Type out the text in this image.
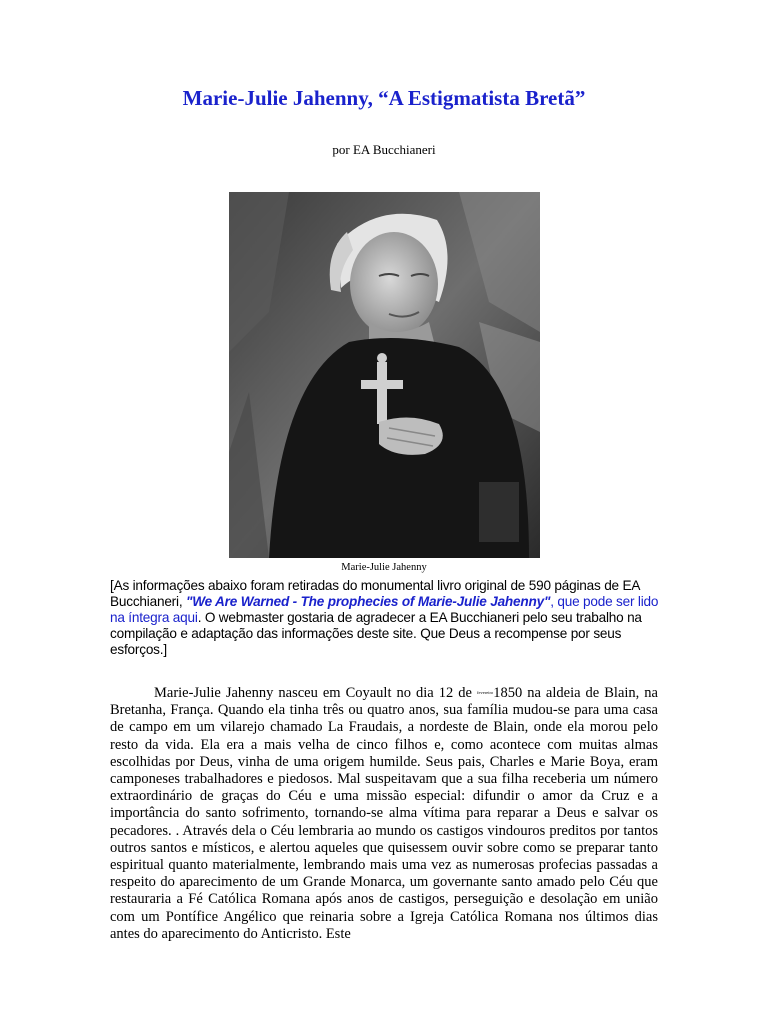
Marie-Julie Jahenny, “A Estigmatista Bretã”
por EA Bucchianeri
Marie-Julie Jahenny
[As informações abaixo foram retiradas do monumental livro original de 590 páginas de EA Bucchianeri, "We Are Warned - The prophecies of Marie-Julie Jahenny", que pode ser lido na íntegra aqui. O webmaster gostaria de agradecer a EA Bucchianeri pelo seu trabalho na compilação e adaptação das informações deste site. Que Deus a recompense por seus esforços.]

Marie-Julie Jahenny nasceu em Coyault no dia 12 de $^{fevereiro}$1850 na aldeia de Blain, na Bretanha, França. Quando ela tinha três ou quatro anos, sua família mudou-se para uma casa de campo em um vilarejo chamado La Fraudais, a nordeste de Blain, onde ela morou pelo resto da vida. Ela era a mais velha de cinco filhos e, como acontece com muitas almas escolhidas por Deus, vinha de uma origem humilde. Seus pais, Charles e Marie Boya, eram camponeses trabalhadores e piedosos. Mal suspeitavam que a sua filha receberia um número extraordinário de graças do Céu e uma missão especial: difundir o amor da Cruz e a importância do santo sofrimento, tornando-se alma vítima para reparar a Deus e salvar os pecadores. . Através dela o Céu lembraria ao mundo os castigos vindouros preditos por tantos outros santos e místicos, e alertou aqueles que quisessem ouvir sobre como se preparar tanto espiritual quanto materialmente, lembrando mais uma vez as numerosas profecias passadas a respeito do aparecimento de um Grande Monarca, um governante santo amado pelo Céu que restauraria a Fé Católica Romana após anos de castigos, perseguição e desolação em união com um Pontífice Angélico que reinaria sobre a Igreja Católica Romana nos últimos dias antes do aparecimento do Anticristo. Este
